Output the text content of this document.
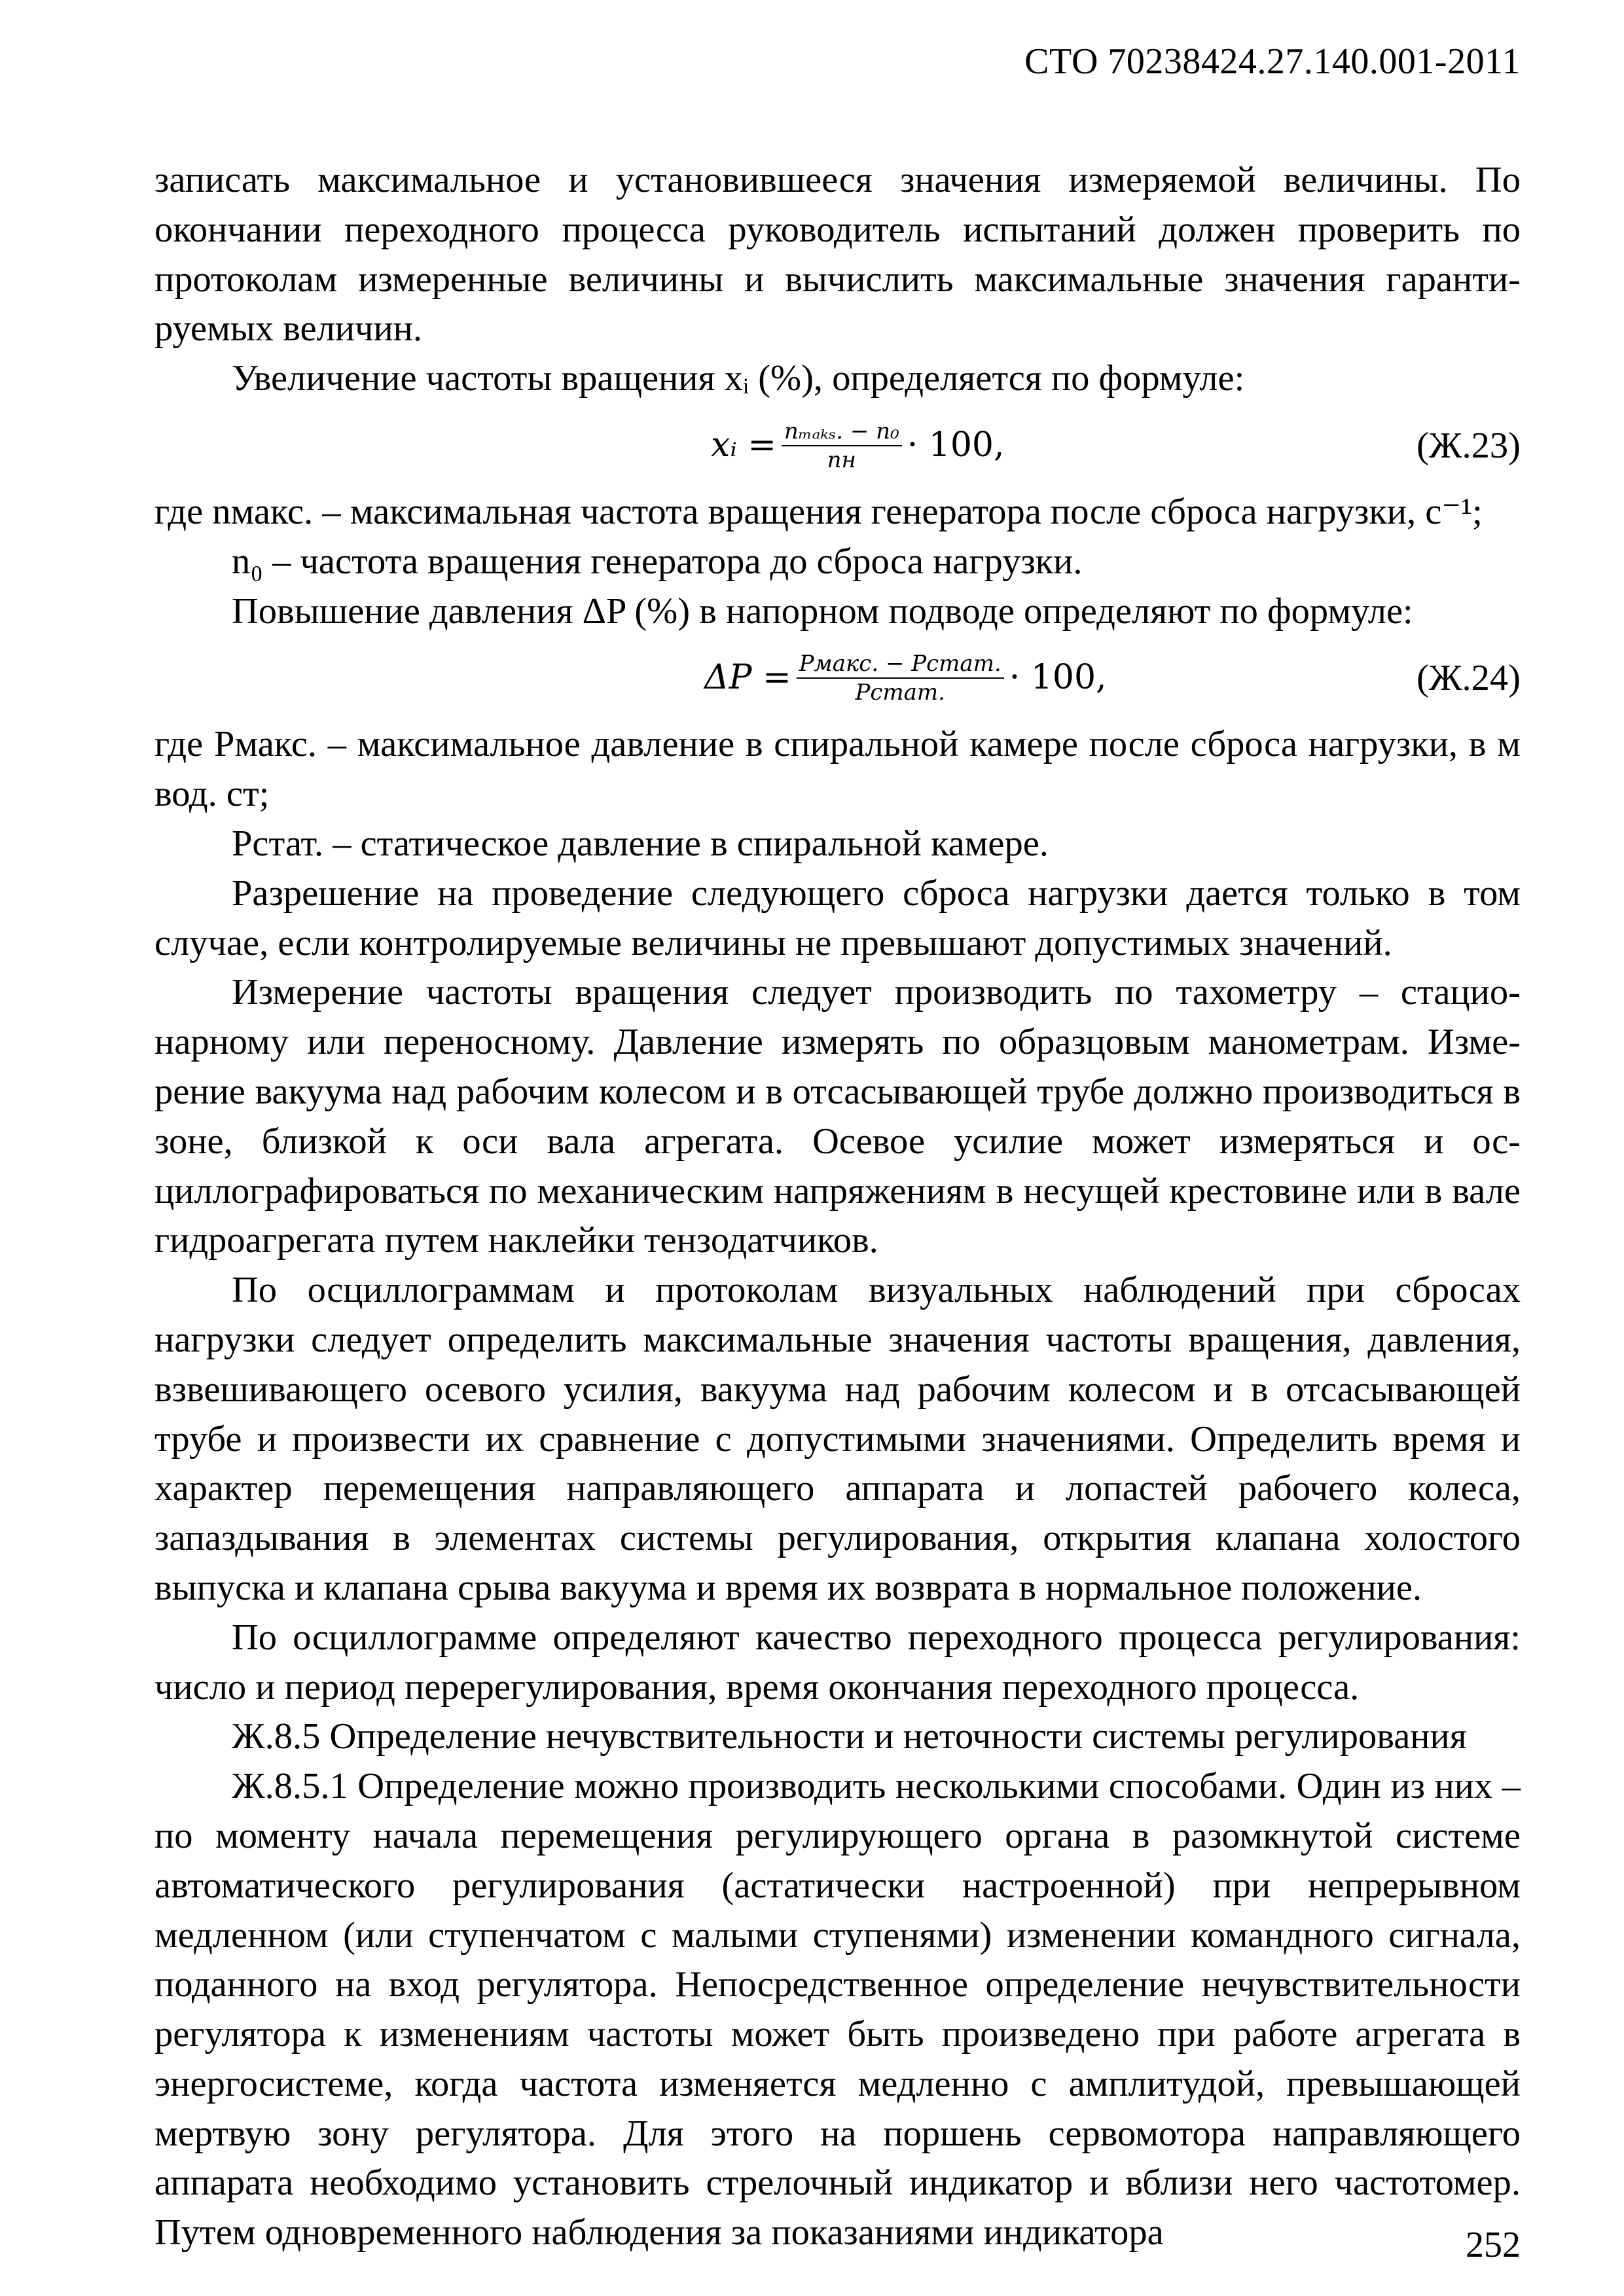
СТО 70238424.27.140.001-2011

записать максимальное и установившееся значения измеряемой величины. По окончании переходного процесса руководитель испытаний должен проверить по протоколам измеренные величины и вычислить максимальные значения гарантируемых величин.

Увеличение частоты вращения xᵢ (%), определяется по формуле:

xᵢ = $\frac{\text{nₘₐₖₛ. − n₀}}{nн} \cdot 100$,	(Ж.23)

где nмакс. – максимальная частота вращения генератора после сброса нагрузки, с⁻¹;

n₀ – частота вращения генератора до сброса нагрузки.

Повышение давления ΔP (%) в напорном подводе определяют по формуле:

$\Delta P = \frac{\text{Pмакс. − Pстат.}}{\text{Pстат.}} \cdot 100$,	(Ж.24)

где Pмакс. – максимальное давление в спиральной камере после сброса нагрузки, в м вод. ст;

Pстат. – статическое давление в спиральной камере.

Разрешение на проведение следующего сброса нагрузки дается только в том случае, если контролируемые величины не превышают допустимых значений.

Измерение частоты вращения следует производить по тахометру – стационарному или переносному. Давление измерять по образцовым манометрам. Измерение вакуума над рабочим колесом и в отсасывающей трубе должно производиться в зоне, близкой к оси вала агрегата. Осевое усилие может измеряться и осциллографироваться по механическим напряжениям в несущей крестовине или в вале гидроагрегата путем наклейки тензодатчиков.

По осциллограммам и протоколам визуальных наблюдений при сбросах нагрузки следует определить максимальные значения частоты вращения, давления, взвешивающего осевого усилия, вакуума над рабочим колесом и в отсасывающей трубе и произвести их сравнение с допустимыми значениями. Определить время и характер перемещения направляющего аппарата и лопастей рабочего колеса, запаздывания в элементах системы регулирования, открытия клапана холостого выпуска и клапана срыва вакуума и время их возврата в нормальное положение.

По осциллограмме определяют качество переходного процесса регулирования: число и период перерегулирования, время окончания переходного процесса.

Ж.8.5 Определение нечувствительности и неточности системы регулирования

Ж.8.5.1 Определение можно производить несколькими способами. Один из них – по моменту начала перемещения регулирующего органа в разомкнутой системе автоматического регулирования (астатически настроенной) при непрерывном медленном (или ступенчатом с малыми ступенями) изменении командного сигнала, поданного на вход регулятора. Непосредственное определение нечувствительности регулятора к изменениям частоты может быть произведено при работе агрегата в энергосистеме, когда частота изменяется медленно с амплитудой, превышающей мертвую зону регулятора. Для этого на поршень сервомотора направляющего аппарата необходимо установить стрелочный индикатор и вблизи него частотомер. Путем одновременного наблюдения за показаниями индикатора	252
